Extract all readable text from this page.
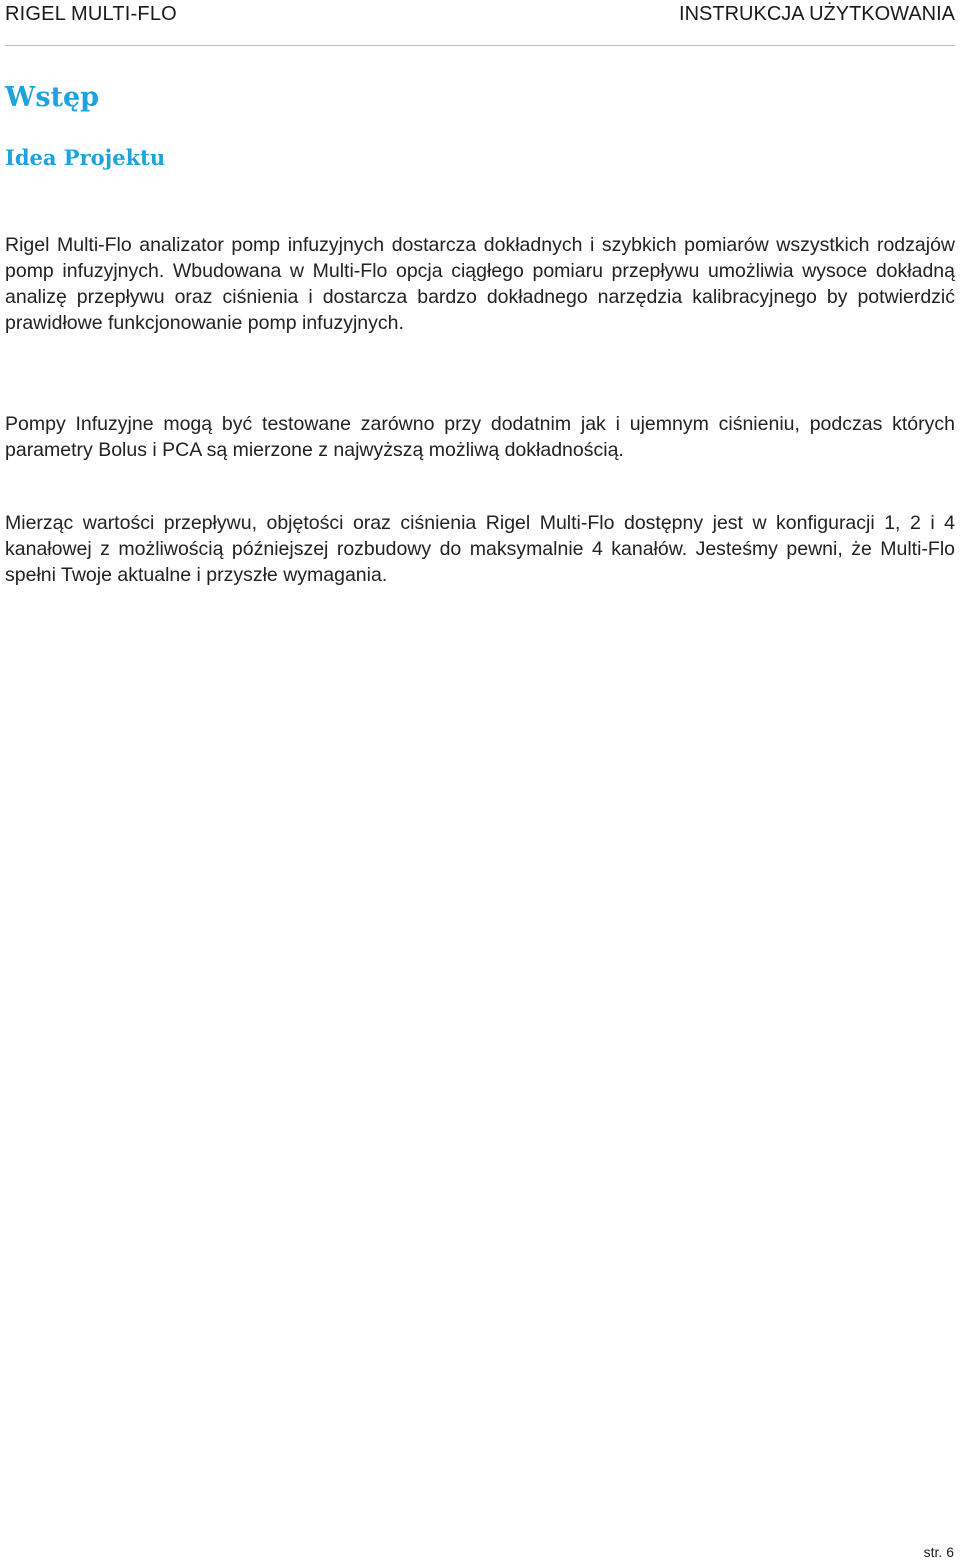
RIGEL MULTI-FLO	INSTRUKCJA UŻYTKOWANIA
Wstęp
Idea Projektu

Rigel Multi-Flo analizator pomp infuzyjnych dostarcza dokładnych i szybkich pomiarów wszystkich rodzajów pomp infuzyjnych. Wbudowana w Multi-Flo opcja ciągłego pomiaru przepływu umożliwia wysoce dokładną analizę przepływu oraz ciśnienia i dostarcza bardzo dokładnego narzędzia kalibracyjnego by potwierdzić prawidłowe funkcjonowanie pomp infuzyjnych.

Pompy Infuzyjne mogą być testowane zarówno przy dodatnim jak i ujemnym ciśnieniu, podczas których parametry Bolus i PCA są mierzone z najwyższą możliwą dokładnością.

Mierząc wartości przepływu, objętości oraz ciśnienia Rigel Multi-Flo dostępny jest w konfiguracji 1, 2 i 4 kanałowej z możliwością późniejszej rozbudowy do maksymalnie 4 kanałów. Jesteśmy pewni, że Multi-Flo spełni Twoje aktualne i przyszłe wymagania.

str. 6
